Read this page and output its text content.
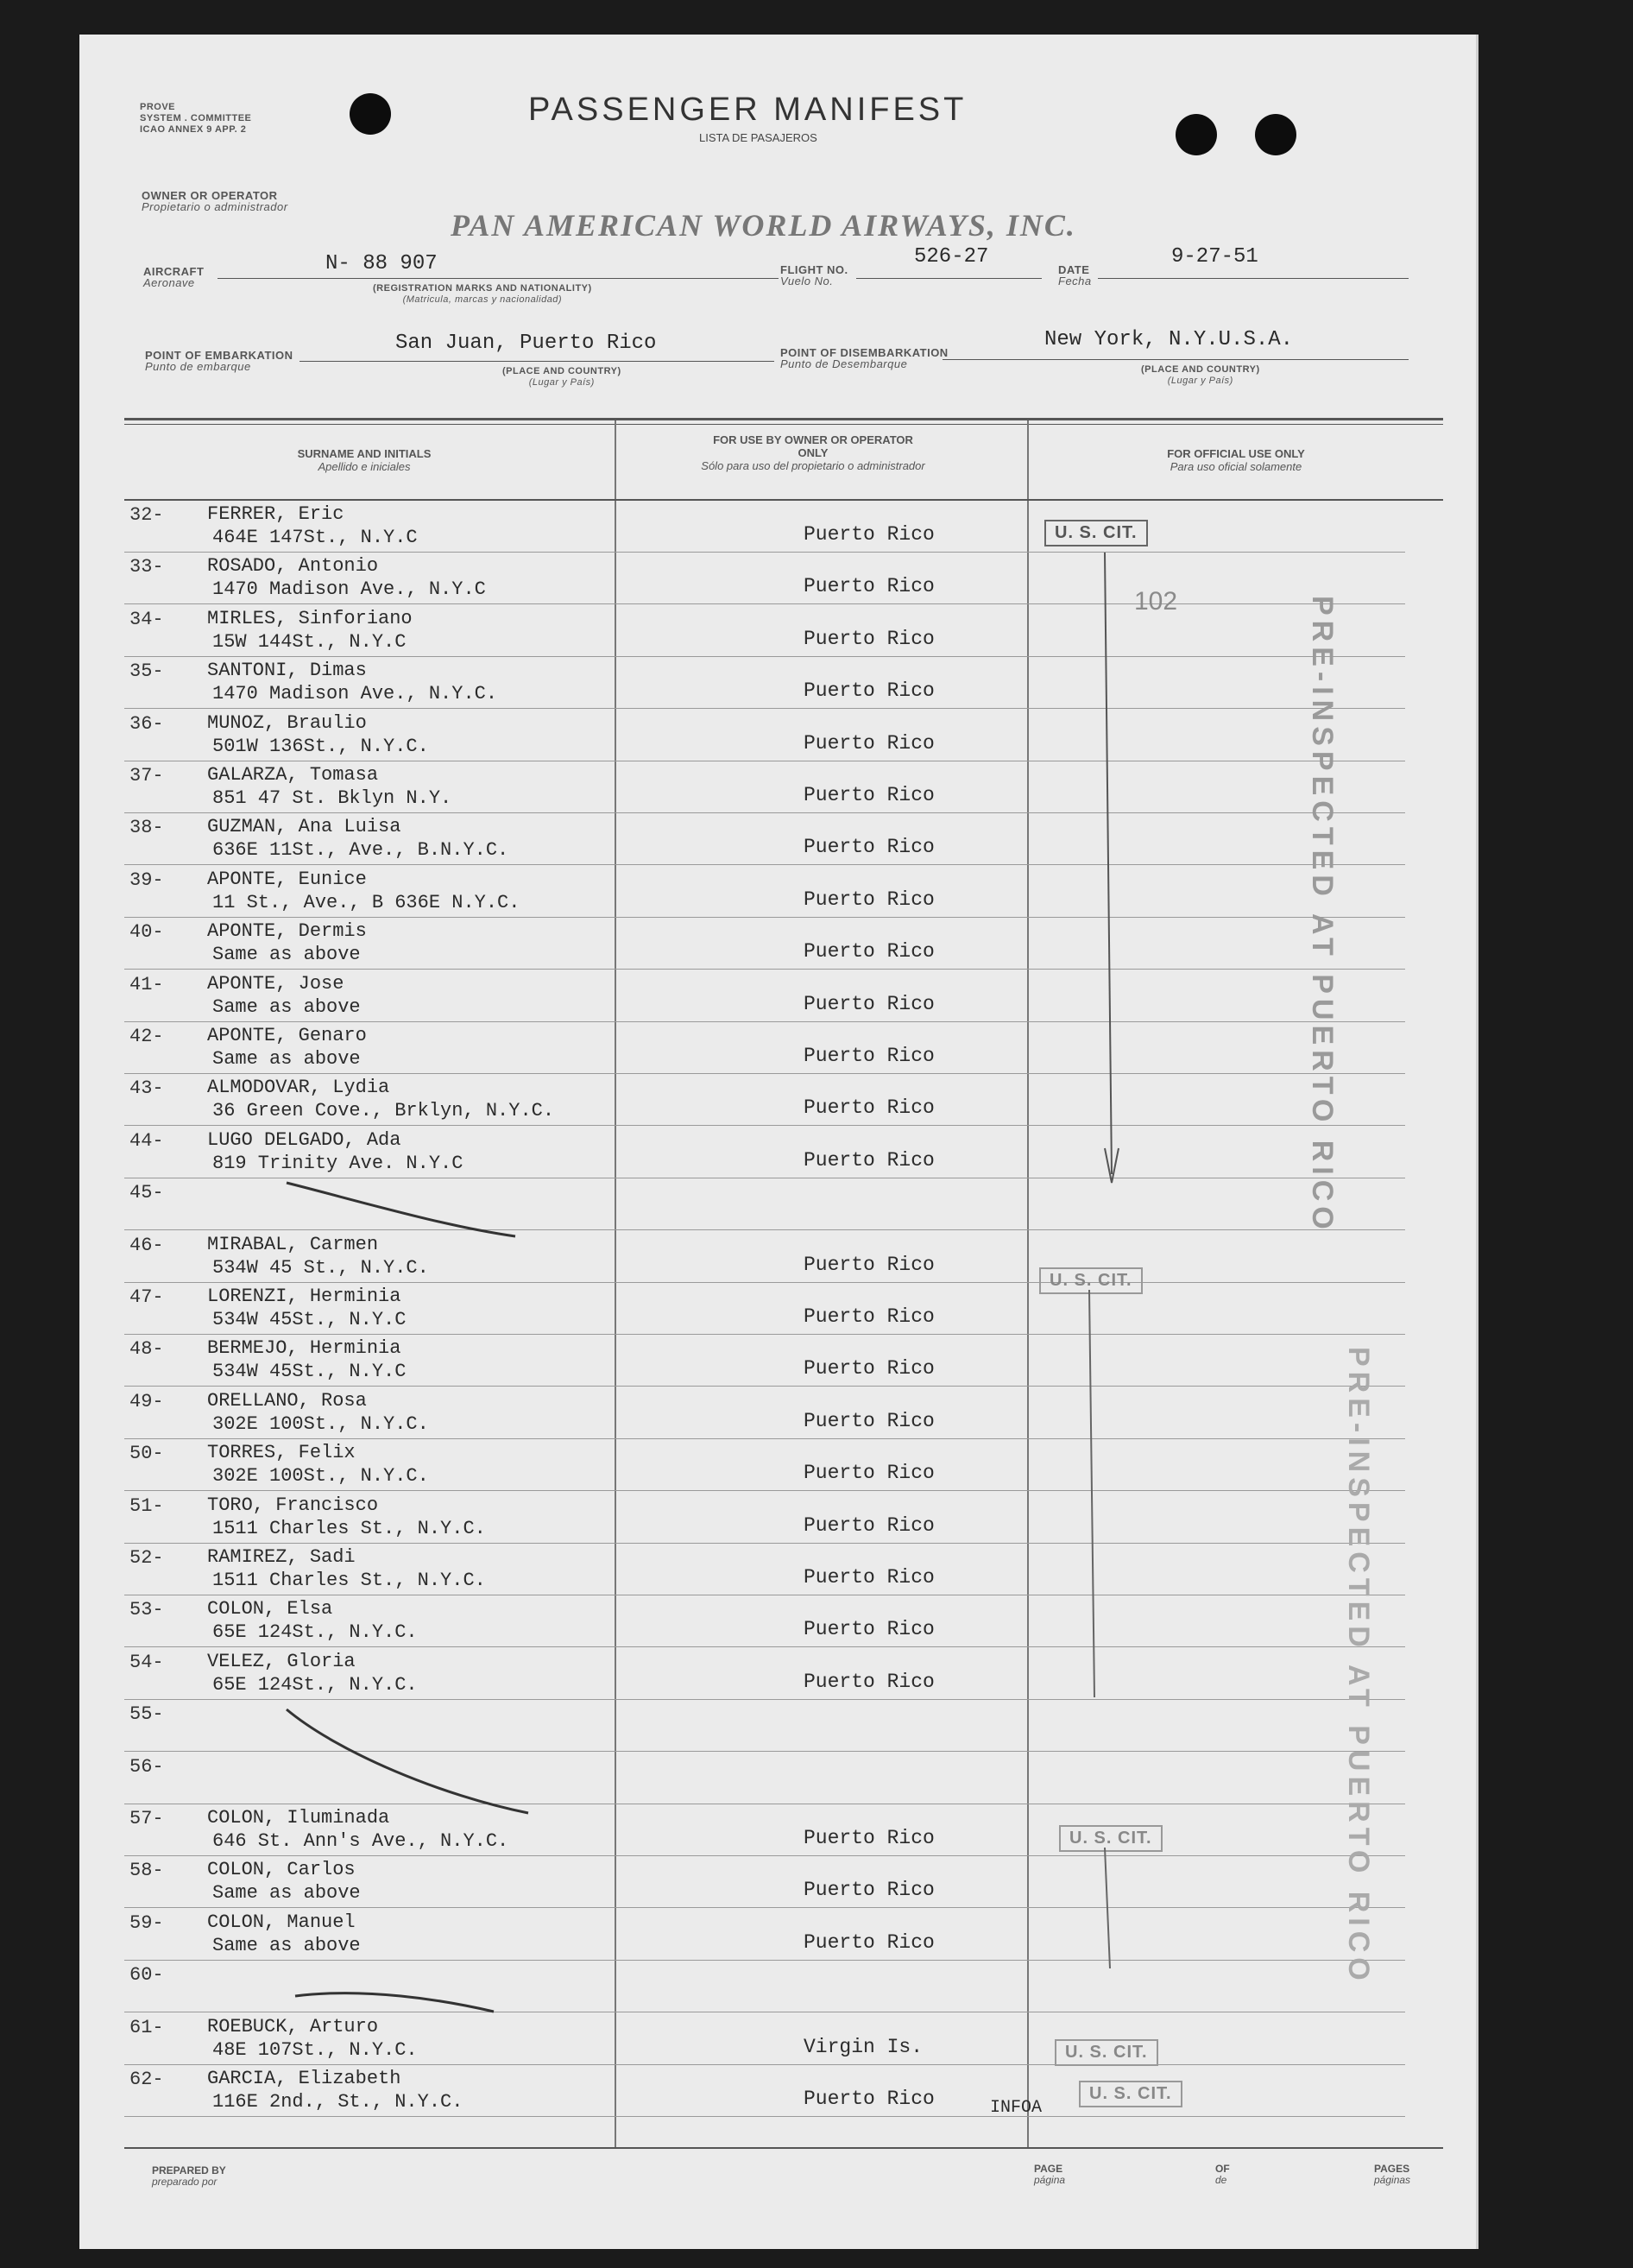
PROVE
SYSTEM . COMMITTEE
ICAO ANNEX 9 APP. 2
PASSENGER MANIFEST
LISTA DE PASAJEROS
OWNER OR OPERATOR
Propietario o administrador
PAN AMERICAN WORLD AIRWAYS, INC.
AIRCRAFT
Aeronave
N- 88 907
(REGISTRATION MARKS AND NATIONALITY)
(Matricula, marcas y nacionalidad)
FLIGHT NO.
Vuelo No.
526-27
DATE
Fecha
9-27-51
POINT OF EMBARKATION
Punto de embarque
San Juan, Puerto Rico
(PLACE AND COUNTRY)
(Lugar y País)
POINT OF DISEMBARKATION
Punto de Desembarque
New York, N.Y.U.S.A.
(PLACE AND COUNTRY)
(Lugar y País)
SURNAME AND INITIALS
Apellido e iniciales
FOR USE BY OWNER OR OPERATOR ONLY
Sólo para uso del propietario o administrador
FOR OFFICIAL USE ONLY
Para uso oficial solamente
32- FERRER, Eric
464E 147St., N.Y.C	Puerto Rico
33- ROSADO, Antonio
1470 Madison Ave., N.Y.C	Puerto Rico
34- MIRLES, Sinforiano
15W 144St., N.Y.C	Puerto Rico
35- SANTONI, Dimas
1470 Madison Ave., N.Y.C.	Puerto Rico
36- MUNOZ, Braulio
501W 136St., N.Y.C.	Puerto Rico
37- GALARZA, Tomasa
851 47 St. Bklyn N.Y.	Puerto Rico
38- GUZMAN, Ana Luisa
636E 11St., Ave., B.N.Y.C.	Puerto Rico
39- APONTE, Eunice
11 St., Ave., B 636E N.Y.C.	Puerto Rico
40- APONTE, Dermis
Same as above	Puerto Rico
41- APONTE, Jose
Same as above	Puerto Rico
42- APONTE, Genaro
Same as above	Puerto Rico
43- ALMODOVAR, Lydia
36 Green Cove., Brklyn, N.Y.C.	Puerto Rico
44- LUGO DELGADO, Ada
819 Trinity Ave. N.Y.C	Puerto Rico
45-
46- MIRABAL, Carmen
534W 45 St., N.Y.C.	Puerto Rico
47- LORENZI, Herminia
534W 45St., N.Y.C	Puerto Rico
48- BERMEJO, Herminia
534W 45St., N.Y.C	Puerto Rico
49- ORELLANO, Rosa
302E 100St., N.Y.C.	Puerto Rico
50- TORRES, Felix
302E 100St., N.Y.C.	Puerto Rico
51- TORO, Francisco
1511 Charles St., N.Y.C.	Puerto Rico
52- RAMIREZ, Sadi
1511 Charles St., N.Y.C.	Puerto Rico
53- COLON, Elsa
65E 124St., N.Y.C.	Puerto Rico
54- VELEZ, Gloria
65E 124St., N.Y.C.	Puerto Rico
55-
56-
57- COLON, Iluminada
646 St. Ann's Ave., N.Y.C.	Puerto Rico
58- COLON, Carlos
Same as above	Puerto Rico
59- COLON, Manuel
Same as above	Puerto Rico
60-
61- ROEBUCK, Arturo
48E 107St., N.Y.C.	Virgin Is.
62- GARCIA, Elizabeth
116E 2nd., St., N.Y.C.	Puerto Rico
U. S. CIT.
U. S. CIT.
U. S. CIT.
U. S. CIT.
U. S. CIT.
PRE-INSPECTED AT PUERTO RICO
PRE-INSPECTED AT PUERTO RICO
102
INFOA
PREPARED BY
preparado por
PAGE
página
OF
de
PAGES
páginas
